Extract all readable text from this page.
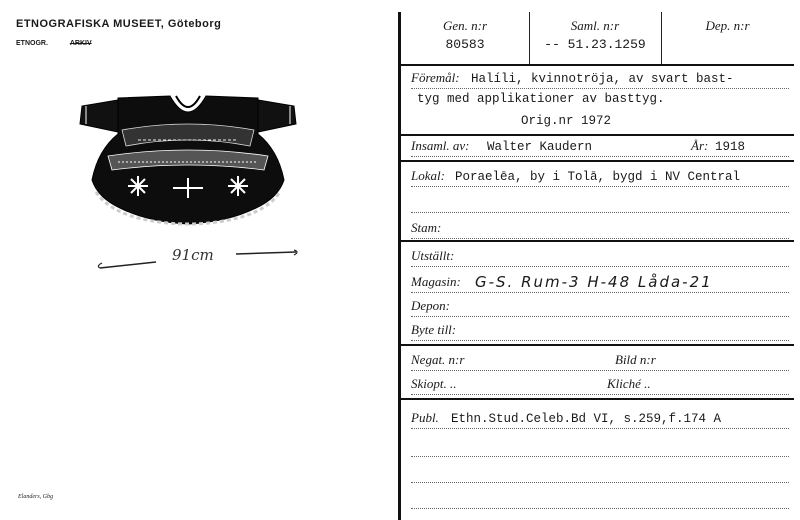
ETNOGRAFISKA MUSEET, Göteborg
ETNOGR.	ARKIV
91cm
Elanders, Gbg
Gen. n:r
80583
Saml. n:r
-- 51.23.1259
Dep. n:r
Föremål: Halíli, kvinnotröja, av svart bast-
tyg med applikationer av basttyg.
Orig.nr 1972
Insaml. av: Walter Kaudern	År: 1918
Lokal: Poraelēa, by i Tolā, bygd i NV Central
Stam:
Utställt:
Magasin: G-S. Rum-3 H-48 Låda-21
Depon:
Byte till:
Negat. n:r	Bild n:r
Skiopt. ..	Kliché ..
Publ. Ethn.Stud.Celeb.Bd VI, s.259,f.174 A
